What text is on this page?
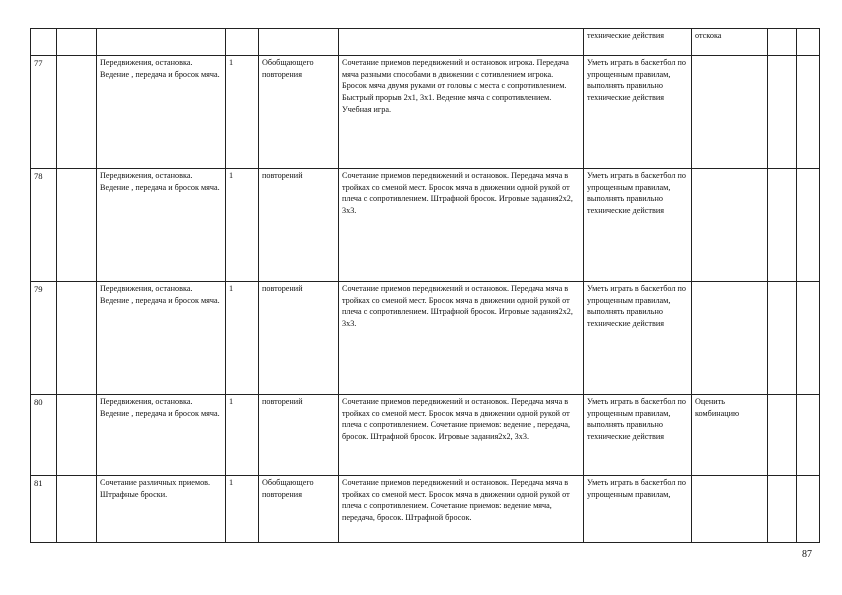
						технические действия	отскока		
77		Передвижения, остановка. Ведение , передача и бросок мяча.	1	Обобщающего повторения	Сочетание приемов передвижений и остановок игрока. Передача мяча разными способами в движении с сотивлением игрока. Бросок мяча двумя руками от головы с места с сопротивлением. Быстрый прорыв 2х1, 3х1. Ведение мяча с сопротивлением. Учебная игра.	Уметь играть в баскетбол по упрощенным правилам, выполнять правильно технические действия			
78		Передвижения, остановка. Ведение , передача и бросок мяча.	1	повторений	Сочетание приемов передвижений и остановок. Передача мяча в тройках со сменой мест. Бросок мяча в движении одной рукой от плеча с сопротивлением. Штрафной бросок. Игровые задания2х2, 3х3.	Уметь играть в баскетбол по упрощенным правилам, выполнять правильно технические действия			
79		Передвижения, остановка. Ведение , передача и бросок мяча.	1	повторений	Сочетание приемов передвижений и остановок. Передача мяча в тройках со сменой мест. Бросок мяча в движении одной рукой от плеча с сопротивлением. Штрафной бросок. Игровые задания2х2, 3х3.	Уметь играть в баскетбол по упрощенным правилам, выполнять правильно технические действия			
80		Передвижения, остановка. Ведение , передача и бросок мяча.	1	повторений	Сочетание приемов передвижений и остановок. Передача мяча в тройках со сменой мест. Бросок мяча в движении одной рукой от плеча с сопротивлением. Сочетание приемов: ведение , передача, бросок. Штрафной бросок. Игровые задания2х2, 3х3.	Уметь играть в баскетбол по упрощенным правилам, выполнять правильно технические действия	Оценить комбинацию		
81		Сочетание различных приемов. Штрафные броски.	1	Обобщающего повторения	Сочетание приемов передвижений и остановок. Передача мяча в тройках со сменой мест. Бросок мяча в движении одной рукой от плеча с сопротивлением. Сочетание приемов: ведение мяча, передача, бросок. Штрафной бросок.	Уметь играть в баскетбол по упрощенным правилам,			
87
